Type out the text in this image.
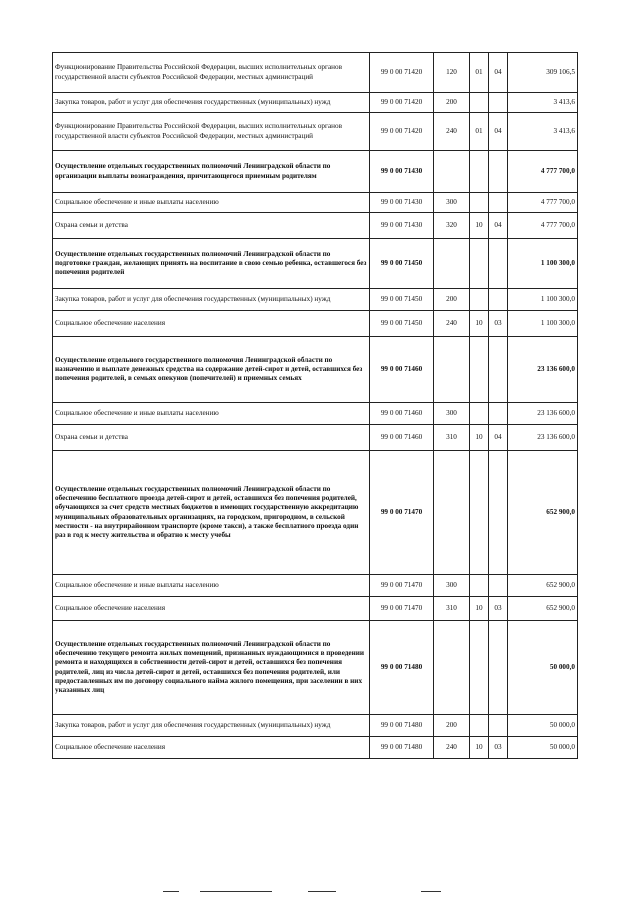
Функционирование Правительства Российской Федерации, высших исполнительных органов государственной власти субъектов Российской Федерации, местных администраций	99 0 00 71420	120	01	04	309 106,5
Закупка товаров, работ и услуг для обеспечения государственных (муниципальных) нужд	99 0 00 71420	200			3 413,6
Функционирование Правительства Российской Федерации, высших исполнительных органов государственной власти субъектов Российской Федерации, местных администраций	99 0 00 71420	240	01	04	3 413,6
Осуществление отдельных государственных полномочий Ленинградской области по организации выплаты вознаграждения, причитающегося приемным родителям	99 0 00 71430				4 777 700,0
Социальное обеспечение и иные выплаты населению	99 0 00 71430	300			4 777 700,0
Охрана семьи и детства	99 0 00 71430	320	10	04	4 777 700,0
Осуществление отдельных государственных полномочий Ленинградской области по подготовке граждан, желающих принять на воспитание в свою семью ребенка, оставшегося без попечения родителей	99 0 00 71450				1 100 300,0
Закупка товаров, работ и услуг для обеспечения государственных (муниципальных) нужд	99 0 00 71450	200			1 100 300,0
Социальное обеспечение населения	99 0 00 71450	240	10	03	1 100 300,0
Осуществление отдельного государственного полномочия Ленинградской области по назначению и выплате денежных средства на содержание детей-сирот и детей, оставшихся без попечения родителей, в семьях опекунов (попечителей) и приемных семьях	99 0 00 71460				23 136 600,0
Социальное обеспечение и иные выплаты населению	99 0 00 71460	300			23 136 600,0
Охрана семьи и детства	99 0 00 71460	310	10	04	23 136 600,0
Осуществление отдельных государственных полномочий Ленинградской области по обеспечению бесплатного проезда детей-сирот и детей, оставшихся без попечения родителей, обучающихся за счет средств местных бюджетов в имеющих государственную аккредитацию муниципальных образовательных организациях, на городском, пригородном, в сельской местности - на внутрирайонном транспорте (кроме такси), а также бесплатного проезда один раз в год к месту жительства и обратно к месту учебы	99 0 00 71470				652 900,0
Социальное обеспечение и иные выплаты населению	99 0 00 71470	300			652 900,0
Социальное обеспечение населения	99 0 00 71470	310	10	03	652 900,0
Осуществление отдельных государственных полномочий Ленинградской области по обеспечению текущего ремонта жилых помещений, признанных нуждающимися в проведении ремонта и находящихся в собственности детей-сирот и детей, оставшихся без попечения родителей, лиц из числа детей-сирот и детей, оставшихся без попечения родителей, или предоставленных им по договору социального найма жилого помещения, при заселении в них указанных лиц	99 0 00 71480				50 000,0
Закупка товаров, работ и услуг для обеспечения государственных (муниципальных) нужд	99 0 00 71480	200			50 000,0
Социальное обеспечение населения	99 0 00 71480	240	10	03	50 000,0
